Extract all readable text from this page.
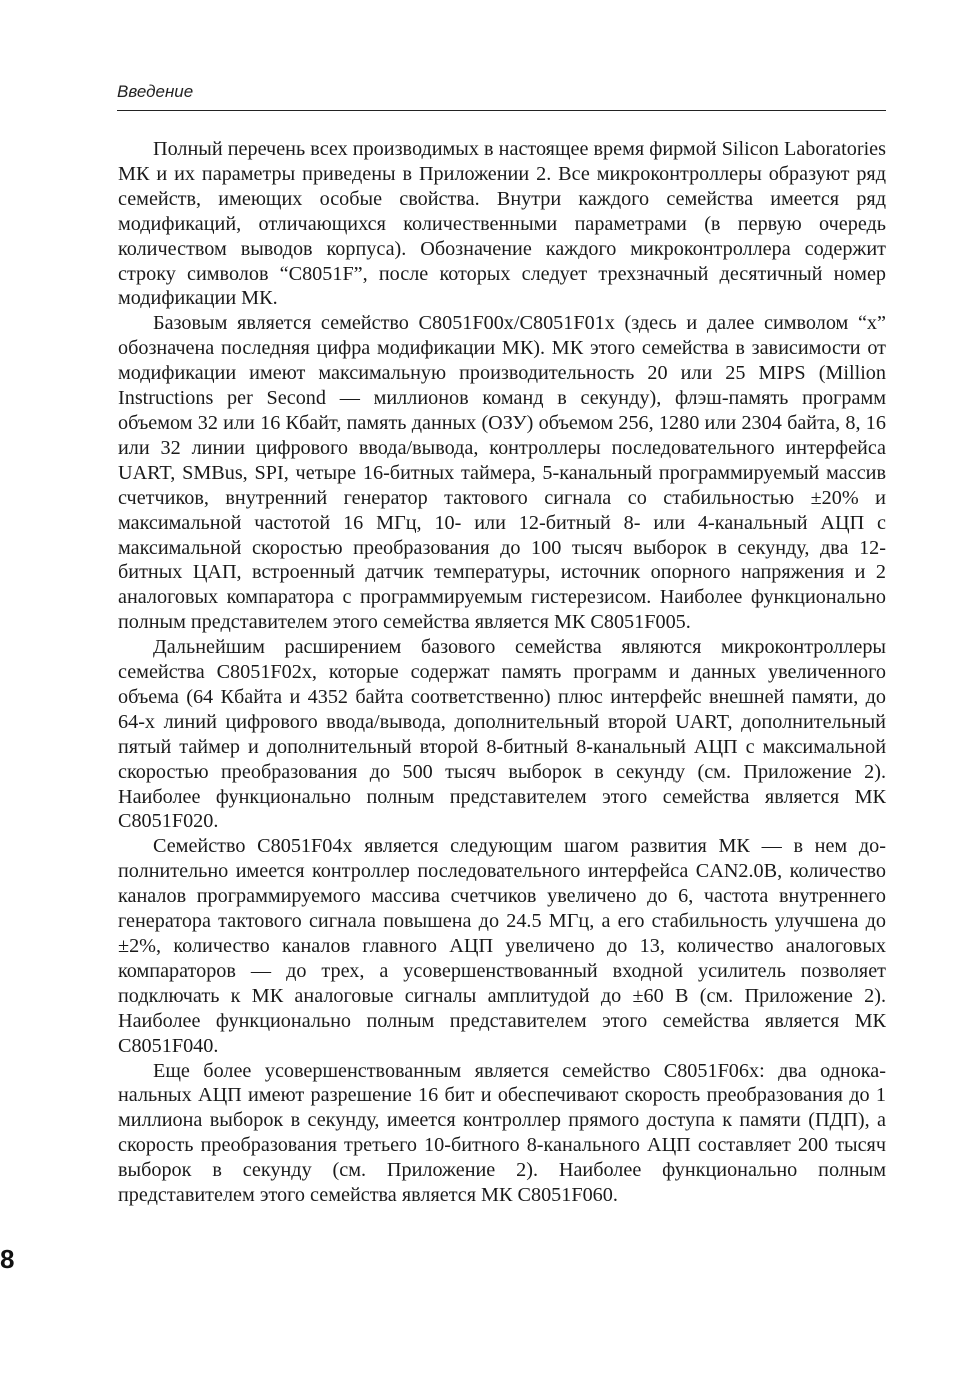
Введение

Полный перечень всех производимых в настоящее время фирмой Silicon Laboratories МК и их параметры приведены в Приложении 2. Все микроконтроллеры образуют ряд семейств, имеющих особые свойства. Внутри каждого семейства имеется ряд модификаций, отличающихся количественными параметрами (в первую очередь количеством выводов корпуса). Обозначение каждого микроконтроллера содержит строку символов “C8051F”, после которых следует трехзначный десятичный номер модификации МК.

Базовым является семейство C8051F00x/C8051F01x (здесь и далее символом “x” обозначена последняя цифра модификации МК). МК этого семейства в зависимости от модификации имеют максимальную производительность 20 или 25 MIPS (Million Instructions per Second — миллионов команд в секунду), флэш-память программ объемом 32 или 16 Кбайт, память данных (ОЗУ) объемом 256, 1280 или 2304 байта, 8, 16 или 32 линии цифрового ввода/вывода, контроллеры последовательного интерфейса UART, SMBus, SPI, четыре 16-битных таймера, 5-канальный программируемый массив счетчиков, внутренний генератор тактового сигнала со стабильностью ±20% и максимальной частотой 16 МГц, 10- или 12-битный 8- или 4-канальный АЦП с максимальной скоростью преобразования до 100 тысяч выборок в секунду, два 12-битных ЦАП, встроенный датчик температуры, источник опорного напряжения и 2 аналоговых компаратора с программируемым гистерезисом. Наиболее функционально полным представителем этого семейства является МК C8051F005.

Дальнейшим расширением базового семейства являются микроконтроллеры семейства C8051F02x, которые содержат память программ и данных увеличенного объема (64 Кбайта и 4352 байта соответственно) плюс интерфейс внешней памяти, до 64-х линий цифрового ввода/вывода, дополнительный второй UART, дополнительный пятый таймер и дополнительный второй 8-битный 8-канальный АЦП с максимальной скоростью преобразования до 500 тысяч выборок в секунду (см. Приложение 2). Наиболее функционально полным представителем этого семейства является МК C8051F020.

Семейство C8051F04x является следующим шагом развития МК — в нем дополнительно имеется контроллер последовательного интерфейса CAN2.0B, количество каналов программируемого массива счетчиков увеличено до 6, частота внутреннего генератора тактового сигнала повышена до 24.5 МГц, а его стабильность улучшена до ±2%, количество каналов главного АЦП увеличено до 13, количество аналоговых компараторов — до трех, а усовершенствованный входной усилитель позволяет подключать к МК аналоговые сигналы амплитудой до ±60 В (см. Приложение 2). Наиболее функционально полным представителем этого семейства является МК C8051F040.

Еще более усовершенствованным является семейство C8051F06x: два одноканальных АЦП имеют разрешение 16 бит и обеспечивают скорость преобразования до 1 миллиона выборок в секунду, имеется контроллер прямого доступа к памяти (ПДП), а скорость преобразования третьего 10-битного 8-канального АЦП составляет 200 тысяч выборок в секунду (см. Приложение 2). Наиболее функционально полным представителем этого семейства является МК C8051F060.

8
